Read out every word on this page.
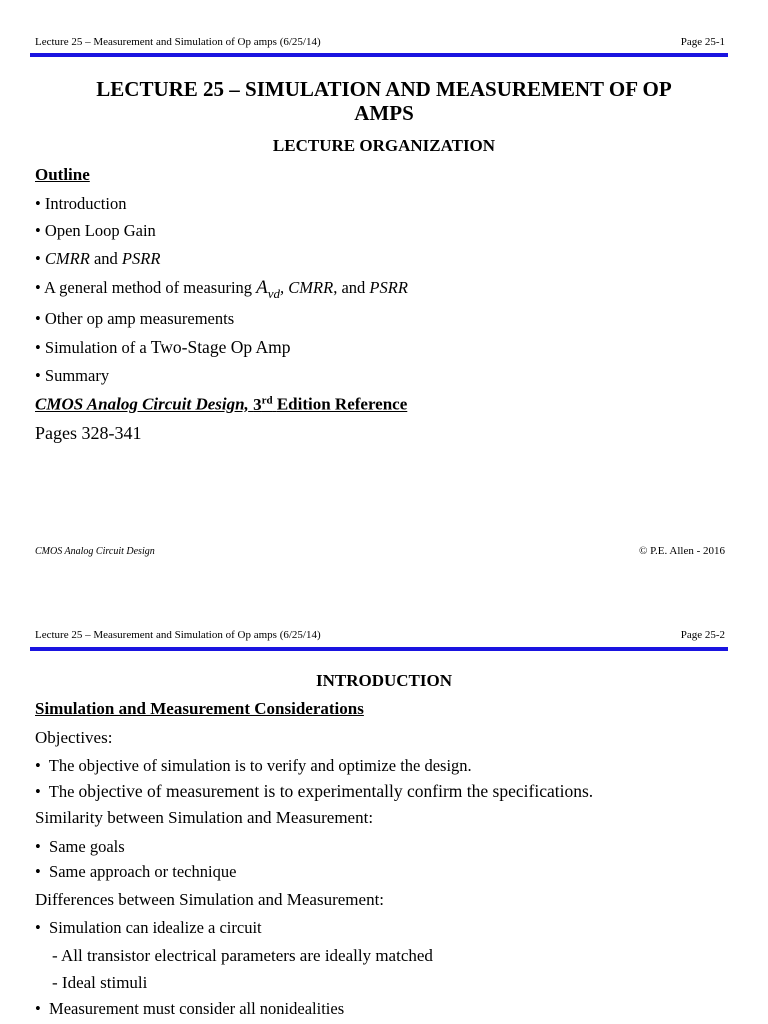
Lecture 25 – Measurement and Simulation of Op amps (6/25/14)	Page 25-1
LECTURE 25 – SIMULATION AND MEASUREMENT OF OP
AMPS
LECTURE ORGANIZATION
Outline
• Introduction
• Open Loop Gain
• CMRR and PSRR
• A general method of measuring $A_{vd}$, CMRR, and PSRR
• Other op amp measurements
• Simulation of a Two-Stage Op Amp
• Summary
CMOS Analog Circuit Design, 3rd Edition Reference
Pages 328-341
CMOS Analog Circuit Design	© P.E. Allen - 2016
Lecture 25 – Measurement and Simulation of Op amps (6/25/14)	Page 25-2
INTRODUCTION
Simulation and Measurement Considerations
Objectives:
• The objective of simulation is to verify and optimize the design.
• The objective of measurement is to experimentally confirm the specifications.
Similarity between Simulation and Measurement:
• Same goals
• Same approach or technique
Differences between Simulation and Measurement:
• Simulation can idealize a circuit
- All transistor electrical parameters are ideally matched
- Ideal stimuli
• Measurement must consider all nonidealities
